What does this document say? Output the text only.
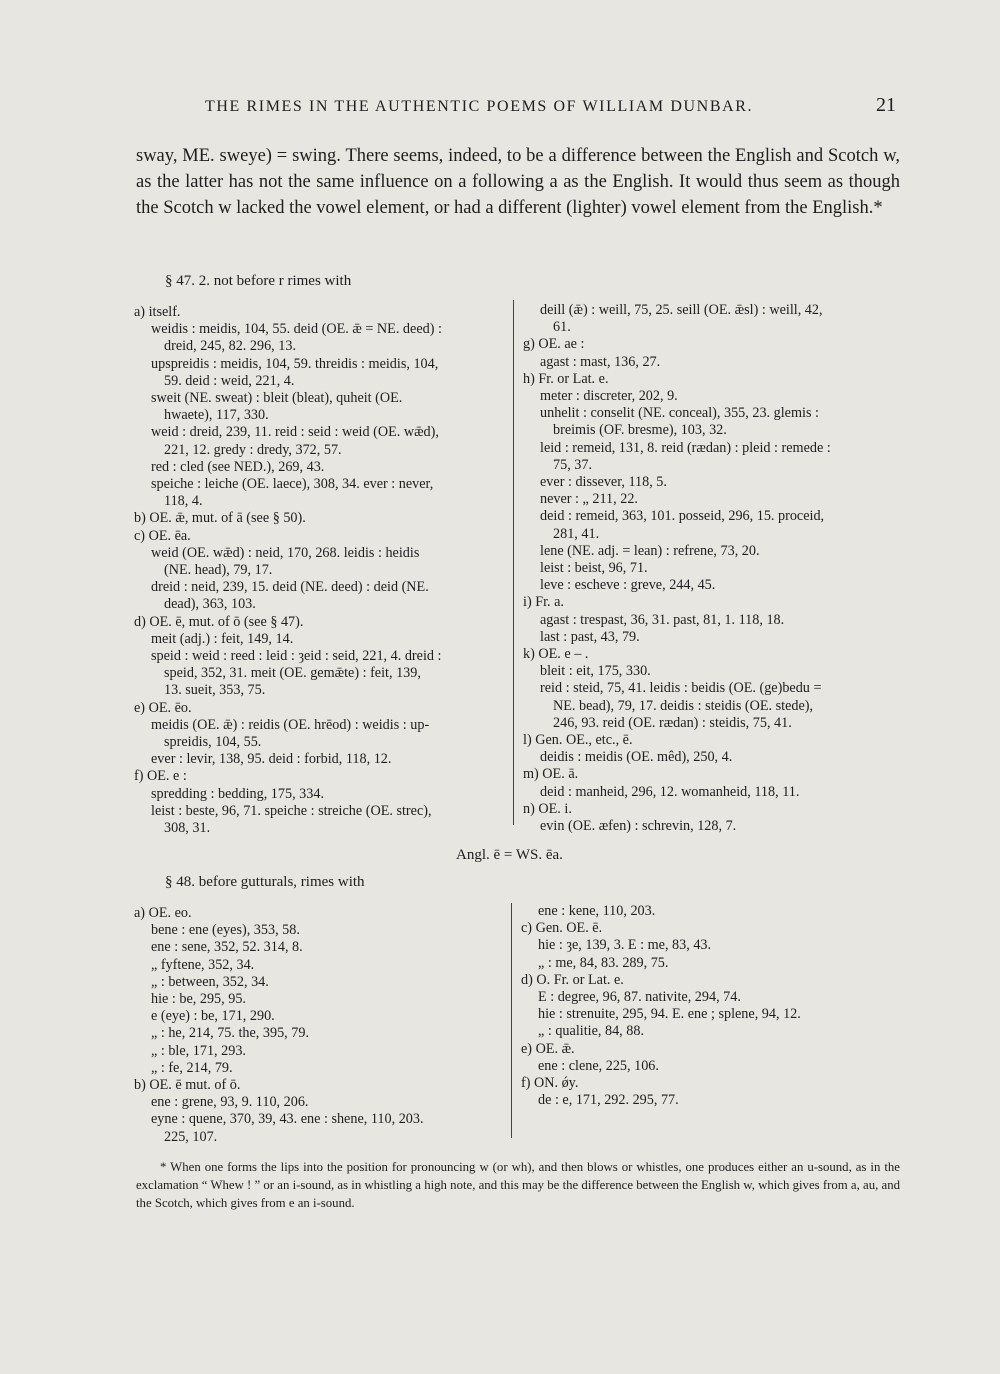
THE RIMES IN THE AUTHENTIC POEMS OF WILLIAM DUNBAR.	21

sway, ME. sweye) = swing. There seems, indeed, to be a difference between the English and Scotch w, as the latter has not the same influence on a following a as the English. It would thus seem as though the Scotch w lacked the vowel element, or had a different (lighter) vowel element from the English.*

§ 47. 2. not before r rimes with
a) itself.
weidis : meidis, 104, 55. deid (OE. ǣ = NE. deed) :
dreid, 245, 82. 296, 13.
upspreidis : meidis, 104, 59. threidis : meidis, 104,
59. deid : weid, 221, 4.
sweit (NE. sweat) : bleit (bleat), quheit (OE.
hwaete), 117, 330.
weid : dreid, 239, 11. reid : seid : weid (OE. wǣd),
221, 12. gredy : dredy, 372, 57.
red : cled (see NED.), 269, 43.
speiche : leiche (OE. laece), 308, 34. ever : never,
118, 4.
b) OE. ǣ, mut. of ā (see § 50).
c) OE. ēa.
weid (OE. wǣd) : neid, 170, 268. leidis : heidis
(NE. head), 79, 17.
dreid : neid, 239, 15. deid (NE. deed) : deid (NE.
dead), 363, 103.
d) OE. ē, mut. of ō (see § 47).
meit (adj.) : feit, 149, 14.
speid : weid : reed : leid : ȝeid : seid, 221, 4. dreid :
speid, 352, 31. meit (OE. gemǣte) : feit, 139,
13. sueit, 353, 75.
e) OE. ēo.
meidis (OE. ǣ) : reidis (OE. hrēod) : weidis : up-
spreidis, 104, 55.
ever : levir, 138, 95. deid : forbid, 118, 12.
f) OE. e :
spredding : bedding, 175, 334.
leist : beste, 96, 71. speiche : streiche (OE. strec),
308, 31.
deill (ǣ) : weill, 75, 25. seill (OE. ǣsl) : weill, 42,
61.
g) OE. ae :
agast : mast, 136, 27.
h) Fr. or Lat. e.
meter : discreter, 202, 9.
unhelit : conselit (NE. conceal), 355, 23. glemis :
breimis (OF. bresme), 103, 32.
leid : remeid, 131, 8. reid (rædan) : pleid : remede :
75, 37.
ever : dissever, 118, 5.
never : „ 211, 22.
deid : remeid, 363, 101. posseid, 296, 15. proceid,
281, 41.
lene (NE. adj. = lean) : refrene, 73, 20.
leist : beist, 96, 71.
leve : escheve : greve, 244, 45.
i) Fr. a.
agast : trespast, 36, 31. past, 81, 1. 118, 18.
last : past, 43, 79.
k) OE. e – .
bleit : eit, 175, 330.
reid : steid, 75, 41. leidis : beidis (OE. (ge)bedu =
NE. bead), 79, 17. deidis : steidis (OE. stede),
246, 93. reid (OE. rædan) : steidis, 75, 41.
l) Gen. OE., etc., ē.
deidis : meidis (OE. mêd), 250, 4.
m) OE. ā.
deid : manheid, 296, 12. womanheid, 118, 11.
n) OE. i.
evin (OE. æfen) : schrevin, 128, 7.
Angl. ē = WS. ēa.
§ 48. before gutturals, rimes with
a) OE. eo.
bene : ene (eyes), 353, 58.
ene : sene, 352, 52. 314, 8.
„ fyftene, 352, 34.
„ : between, 352, 34.
hie : be, 295, 95.
e (eye) : be, 171, 290.
„ : he, 214, 75. the, 395, 79.
„ : ble, 171, 293.
„ : fe, 214, 79.
b) OE. ē mut. of ō.
ene : grene, 93, 9. 110, 206.
eyne : quene, 370, 39, 43. ene : shene, 110, 203.
225, 107.
ene : kene, 110, 203.
c) Gen. OE. ē.
hie : ȝe, 139, 3. E : me, 83, 43.
„ : me, 84, 83. 289, 75.
d) O. Fr. or Lat. e.
E : degree, 96, 87. nativite, 294, 74.
hie : strenuite, 295, 94. E. ene ; splene, 94, 12.
„ : qualitie, 84, 88.
e) OE. ǣ.
ene : clene, 225, 106.
f) ON. ǿy.
de : e, 171, 292. 295, 77.

* When one forms the lips into the position for pronouncing w (or wh), and then blows or whistles, one produces either an u-sound, as in the exclamation “ Whew ! ” or an i-sound, as in whistling a high note, and this may be the difference between the English w, which gives from a, au, and the Scotch, which gives from e an i-sound.
